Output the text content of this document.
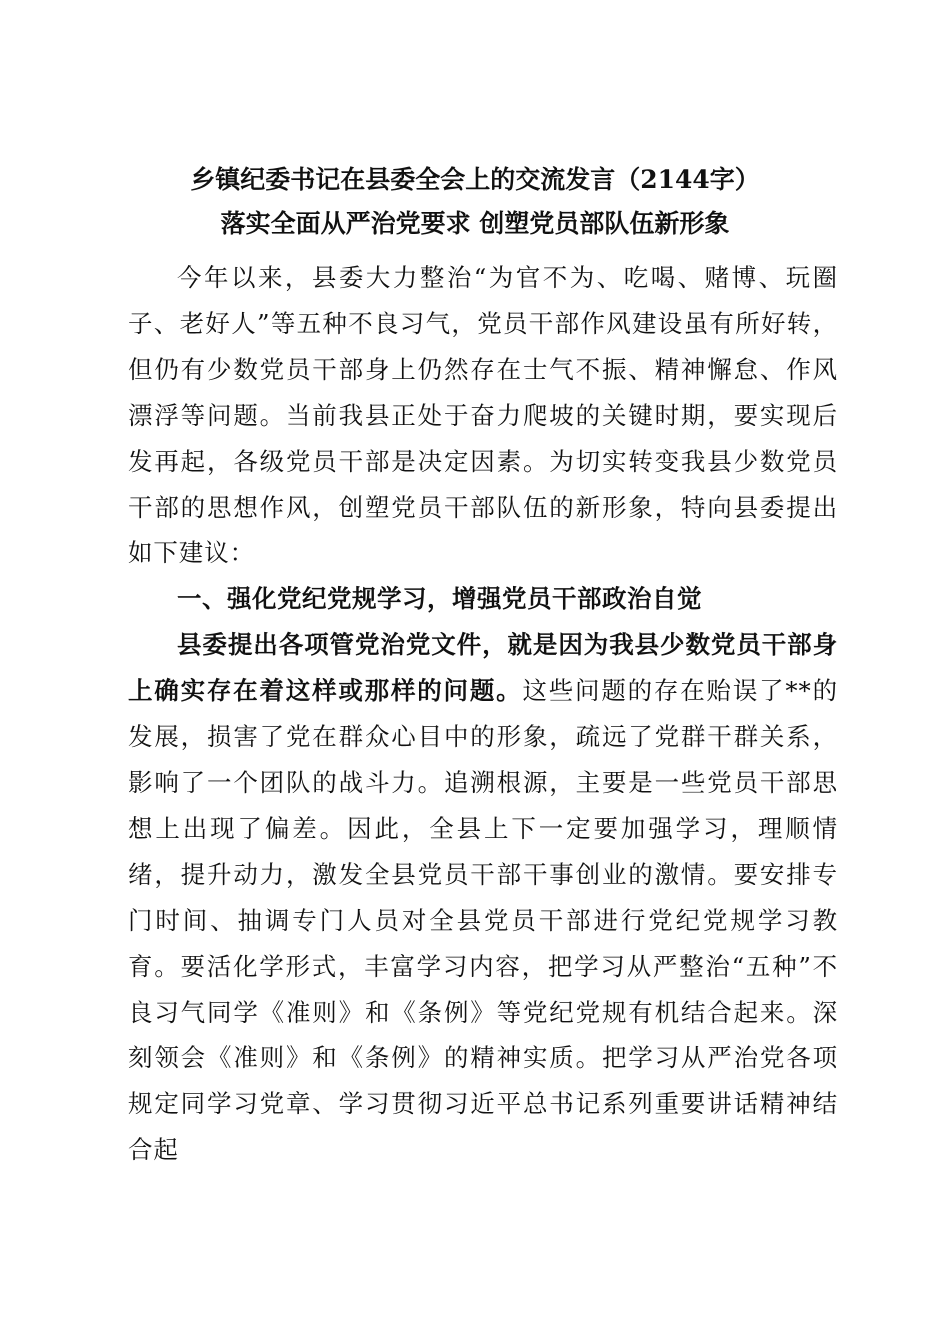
乡镇纪委书记在县委全会上的交流发言（2144字）
落实全面从严治党要求 创塑党员部队伍新形象

今年以来，县委大力整治“为官不为、吃喝、赌博、玩圈子、老好人”等五种不良习气，党员干部作风建设虽有所好转，但仍有少数党员干部身上仍然存在士气不振、精神懈怠、作风漂浮等问题。当前我县正处于奋力爬坡的关键时期，要实现后发再起，各级党员干部是决定因素。为切实转变我县少数党员干部的思想作风，创塑党员干部队伍的新形象，特向县委提出如下建议：

一、强化党纪党规学习，增强党员干部政治自觉

县委提出各项管党治党文件，就是因为我县少数党员干部身上确实存在着这样或那样的问题。这些问题的存在贻误了**的发展，损害了党在群众心目中的形象，疏远了党群干群关系，影响了一个团队的战斗力。追溯根源，主要是一些党员干部思想上出现了偏差。因此，全县上下一定要加强学习，理顺情绪，提升动力，激发全县党员干部干事创业的激情。要安排专门时间、抽调专门人员对全县党员干部进行党纪党规学习教育。要活化学形式，丰富学习内容，把学习从严整治“五种”不良习气同学《准则》和《条例》等党纪党规有机结合起来。深刻领会《准则》和《条例》的精神实质。把学习从严治党各项规定同学习党章、学习贯彻习近平总书记系列重要讲话精神结合起
